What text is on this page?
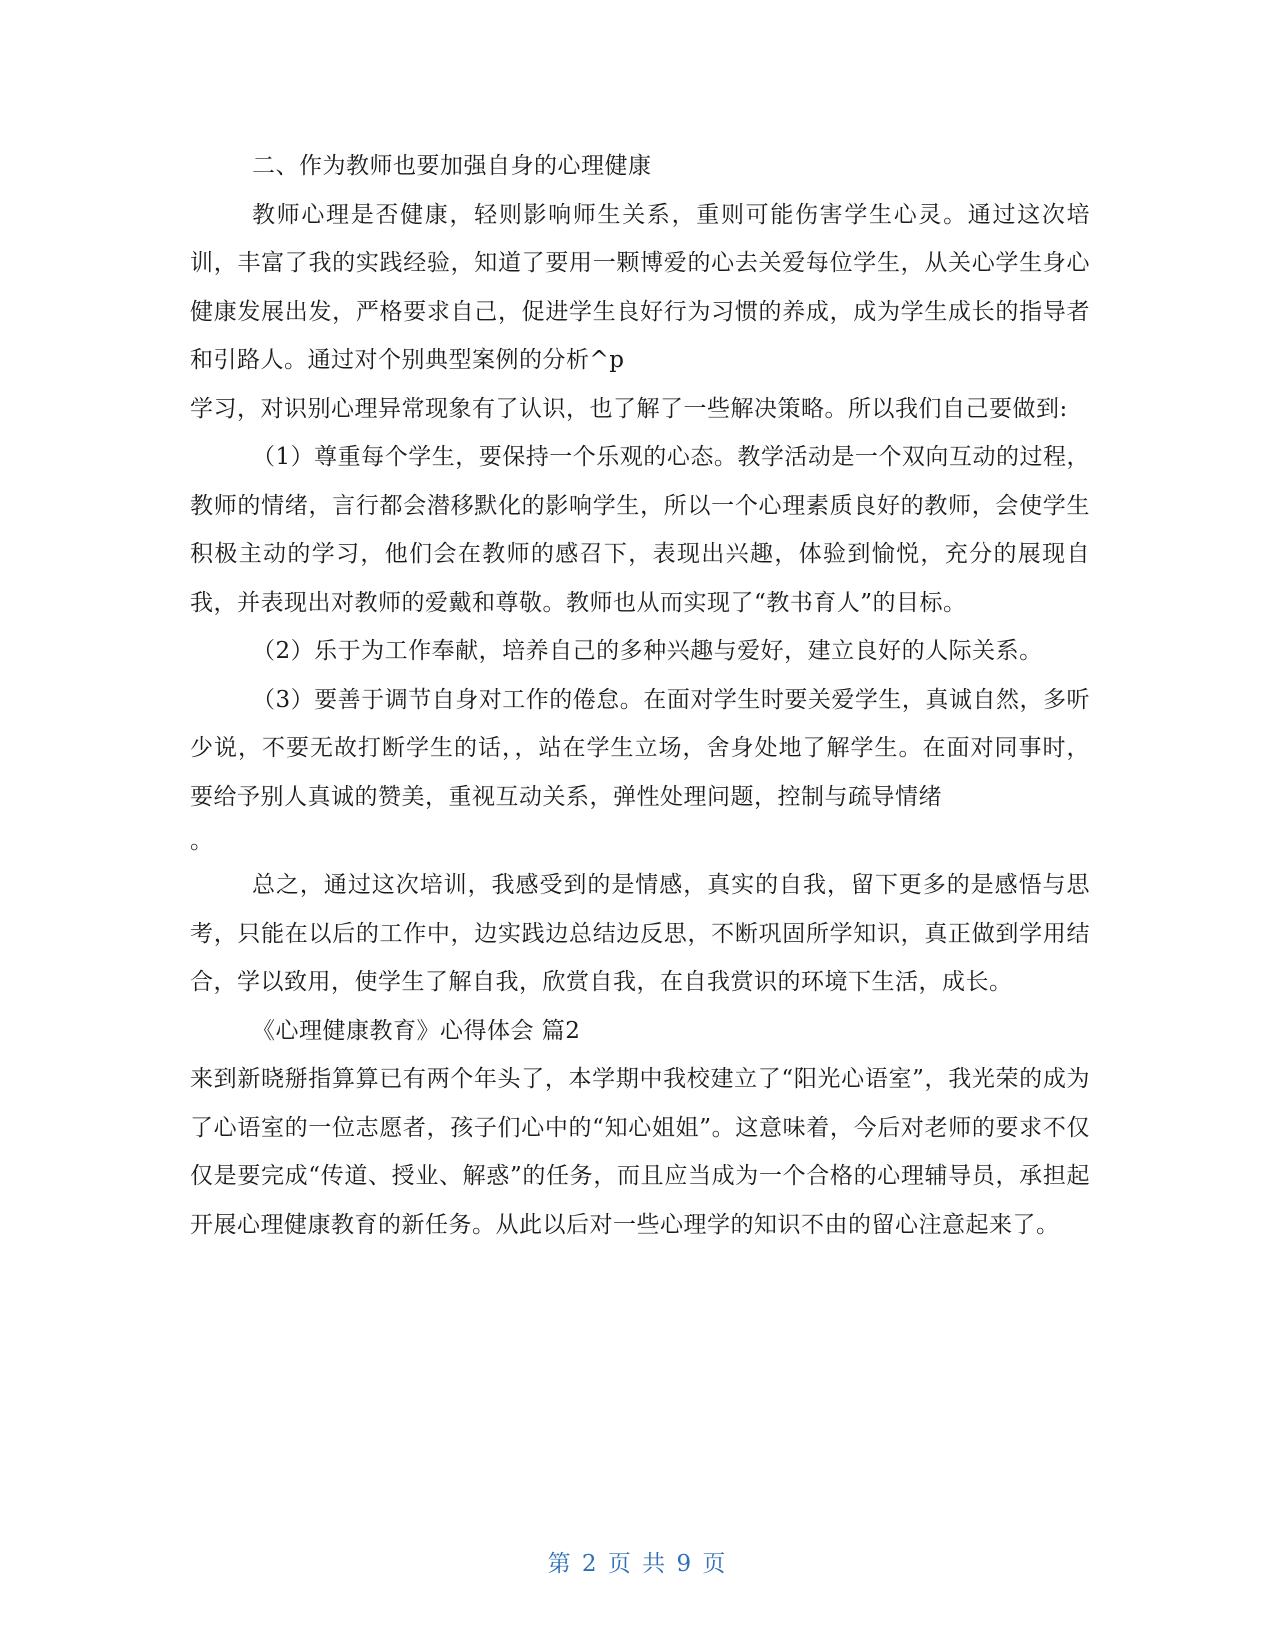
二、作为教师也要加强自身的心理健康

教师心理是否健康，轻则影响师生关系，重则可能伤害学生心灵。通过这次培训，丰富了我的实践经验，知道了要用一颗博爱的心去关爱每位学生，从关心学生身心健康发展出发，严格要求自己，促进学生良好行为习惯的养成，成为学生成长的指导者和引路人。通过对个别典型案例的分析^p

学习，对识别心理异常现象有了认识，也了解了一些解决策略。所以我们自己要做到:

（1）尊重每个学生，要保持一个乐观的心态。教学活动是一个双向互动的过程，教师的情绪，言行都会潜移默化的影响学生，所以一个心理素质良好的教师，会使学生积极主动的学习，他们会在教师的感召下，表现出兴趣，体验到愉悦，充分的展现自我，并表现出对教师的爱戴和尊敬。教师也从而实现了“教书育人”的目标。

（2）乐于为工作奉献，培养自己的多种兴趣与爱好，建立良好的人际关系。

（3）要善于调节自身对工作的倦怠。在面对学生时要关爱学生，真诚自然，多听少说，不要无故打断学生的话，，站在学生立场，舍身处地了解学生。在面对同事时，要给予别人真诚的赞美，重视互动关系，弹性处理问题，控制与疏导情绪

。

总之，通过这次培训，我感受到的是情感，真实的自我，留下更多的是感悟与思考，只能在以后的工作中，边实践边总结边反思，不断巩固所学知识，真正做到学用结合，学以致用，使学生了解自我，欣赏自我，在自我赏识的环境下生活，成长。

《心理健康教育》心得体会 篇2

来到新晓掰指算算已有两个年头了，本学期中我校建立了“阳光心语室”，我光荣的成为了心语室的一位志愿者，孩子们心中的“知心姐姐”。这意味着，今后对老师的要求不仅仅是要完成“传道、授业、解惑”的任务，而且应当成为一个合格的心理辅导员，承担起开展心理健康教育的新任务。从此以后对一些心理学的知识不由的留心注意起来了。

第 2 页 共 9 页
